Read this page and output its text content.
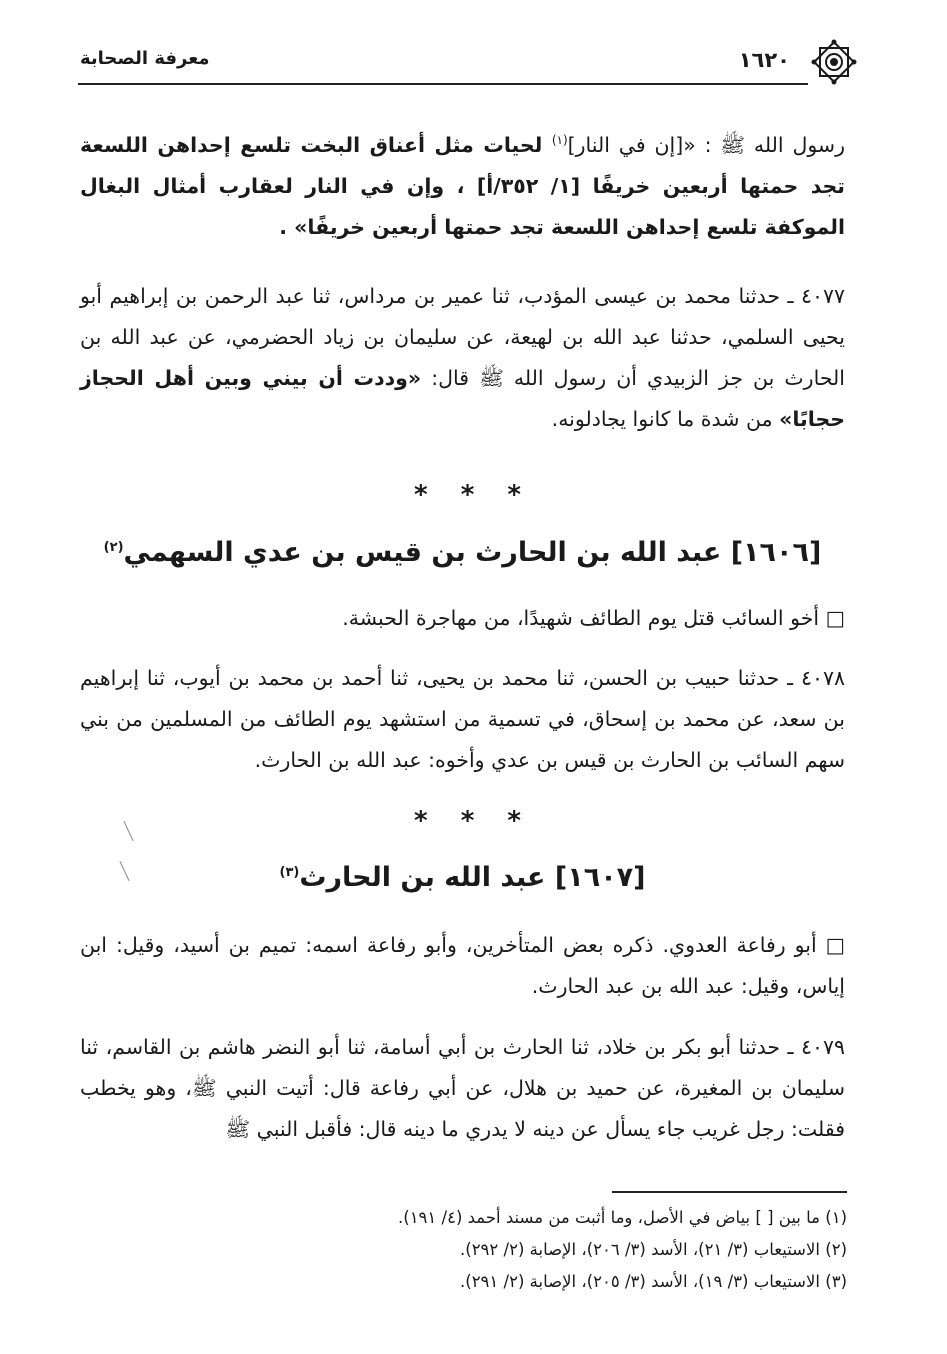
١٦٢٠
معرفة الصحابة

رسول الله ﷺ : «[إن في النار]$^{(١)}$ لحيات مثل أعناق البخت تلسع إحداهن اللسعة تجد حمتها أربعين خريفًا [١/ ٣٥٢/أ] ، وإن في النار لعقارب أمثال البغال الموكفة تلسع إحداهن اللسعة تجد حمتها أربعين خريفًا» .

٤٠٧٧ ـ حدثنا محمد بن عيسى المؤدب، ثنا عمير بن مرداس، ثنا عبد الرحمن بن إبراهيم أبو يحيى السلمي، حدثنا عبد الله بن لهيعة، عن سليمان بن زياد الحضرمي، عن عبد الله بن الحارث بن جز الزبيدي أن رسول الله ﷺ قال: «وددت أن بيني وبين أهل الحجاز حجابًا» من شدة ما كانوا يجادلونه.

* * *
[١٦٠٦] عبد الله بن الحارث بن قيس بن عدي السهمي$^{(٢)}$

□ أخو السائب قتل يوم الطائف شهيدًا، من مهاجرة الحبشة.

٤٠٧٨ ـ حدثنا حبيب بن الحسن، ثنا محمد بن يحيى، ثنا أحمد بن محمد بن أيوب، ثنا إبراهيم بن سعد، عن محمد بن إسحاق، في تسمية من استشهد يوم الطائف من المسلمين من بني سهم السائب بن الحارث بن قيس بن عدي وأخوه: عبد الله بن الحارث.

* * *
[١٦٠٧] عبد الله بن الحارث$^{(٣)}$

□ أبو رفاعة العدوي. ذكره بعض المتأخرين، وأبو رفاعة اسمه: تميم بن أسيد، وقيل: ابن إياس، وقيل: عبد الله بن عبد الحارث.

٤٠٧٩ ـ حدثنا أبو بكر بن خلاد، ثنا الحارث بن أبي أسامة، ثنا أبو النضر هاشم بن القاسم، ثنا سليمان بن المغيرة، عن حميد بن هلال، عن أبي رفاعة قال: أتيت النبي ﷺ، وهو يخطب فقلت: رجل غريب جاء يسأل عن دينه لا يدري ما دينه قال: فأقبل النبي ﷺ

(١) ما بين [ ] بياض في الأصل، وما أثبت من مسند أحمد (٤/ ١٩١).
(٢) الاستيعاب (٣/ ٢١)، الأسد (٣/ ٢٠٦)، الإصابة (٢/ ٢٩٢).
(٣) الاستيعاب (٣/ ١٩)، الأسد (٣/ ٢٠٥)، الإصابة (٢/ ٢٩١).
